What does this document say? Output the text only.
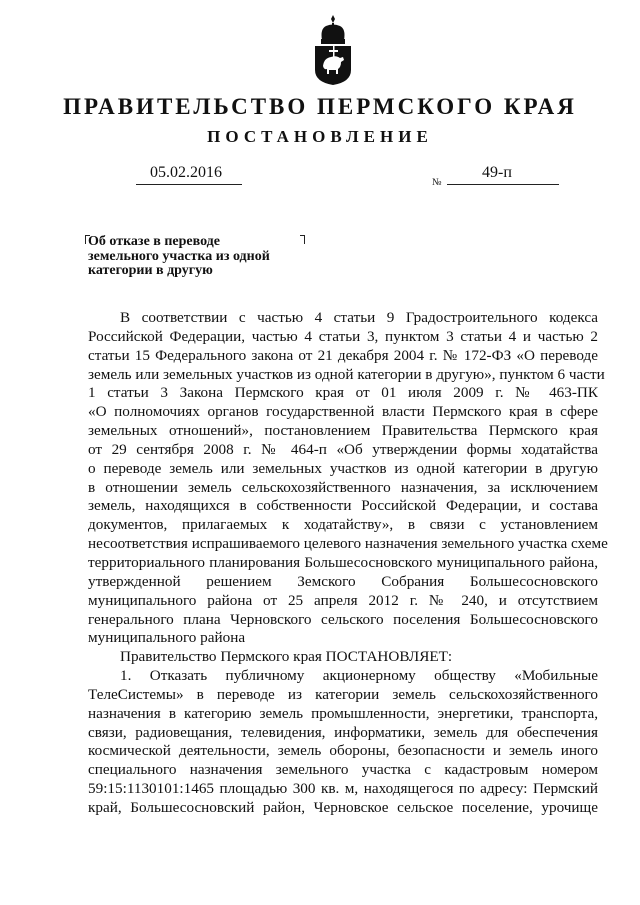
ПРАВИТЕЛЬСТВО ПЕРМСКОГО КРАЯ
ПОСТАНОВЛЕНИЕ
05.02.2016
№
49-п
Об отказе в переводе
земельного участка из одной
категории в другую
В соответствии с частью 4 статьи 9 Градостроительного кодекса
Российской Федерации, частью 4 статьи 3, пунктом 3 статьи 4 и частью 2
статьи 15 Федерального закона от 21 декабря 2004 г. № 172-ФЗ «О переводе
земель или земельных участков из одной категории в другую», пунктом 6 части
1 статьи 3 Закона Пермского края от 01 июля 2009 г. № 463-ПК
«О полномочиях органов государственной власти Пермского края в сфере
земельных отношений», постановлением Правительства Пермского края
от 29 сентября 2008 г. № 464-п «Об утверждении формы ходатайства
о переводе земель или земельных участков из одной категории в другую
в отношении земель сельскохозяйственного назначения, за исключением
земель, находящихся в собственности Российской Федерации, и состава
документов, прилагаемых к ходатайству», в связи с установлением
несоответствия испрашиваемого целевого назначения земельного участка схеме
территориального планирования Большесосновского муниципального района,
утвержденной решением Земского Собрания Большесосновского
муниципального района от 25 апреля 2012 г. № 240, и отсутствием
генерального плана Черновского сельского поселения Большесосновского
муниципального района
Правительство Пермского края ПОСТАНОВЛЯЕТ:
1. Отказать публичному акционерному обществу «Мобильные
ТелеСистемы» в переводе из категории земель сельскохозяйственного
назначения в категорию земель промышленности, энергетики, транспорта,
связи, радиовещания, телевидения, информатики, земель для обеспечения
космической деятельности, земель обороны, безопасности и земель иного
специального назначения земельного участка с кадастровым номером
59:15:1130101:1465 площадью 300 кв. м, находящегося по адресу: Пермский
край, Большесосновский район, Черновское сельское поселение, урочище
